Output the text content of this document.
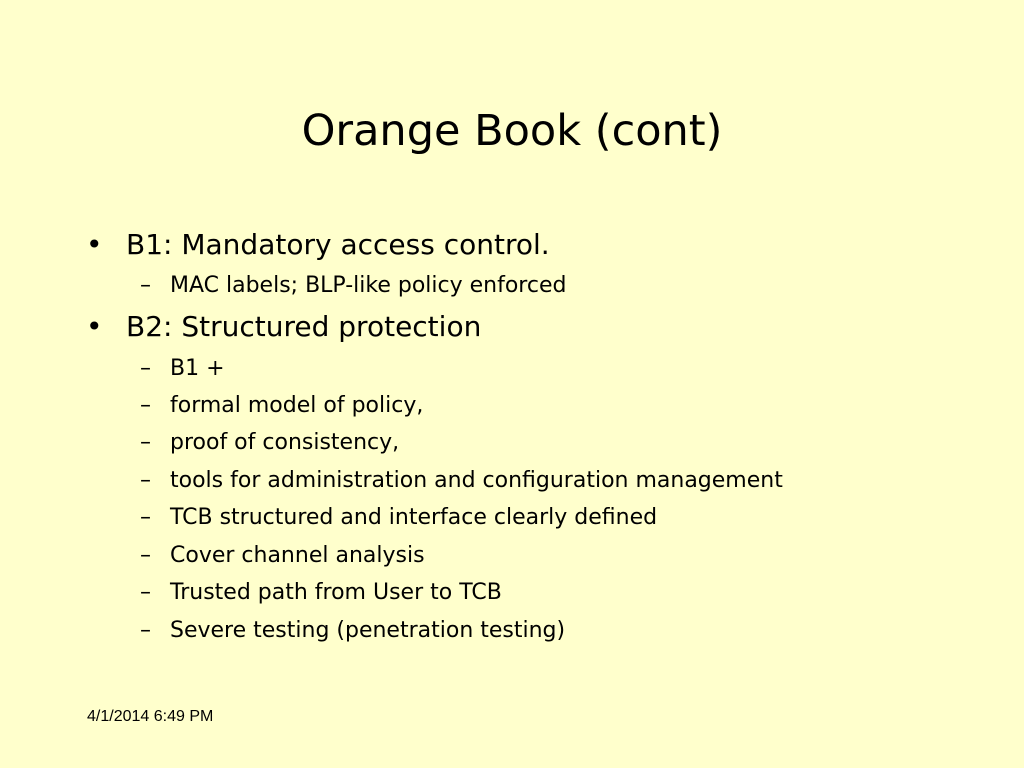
Orange Book (cont)
• B1: Mandatory access control.
– MAC labels; BLP-like policy enforced
• B2: Structured protection
– B1 +
– formal model of policy,
– proof of consistency,
– tools for administration and configuration management
– TCB structured and interface clearly defined
– Cover channel analysis
– Trusted path from User to TCB
– Severe testing (penetration testing)
4/1/2014 6:49 PM
